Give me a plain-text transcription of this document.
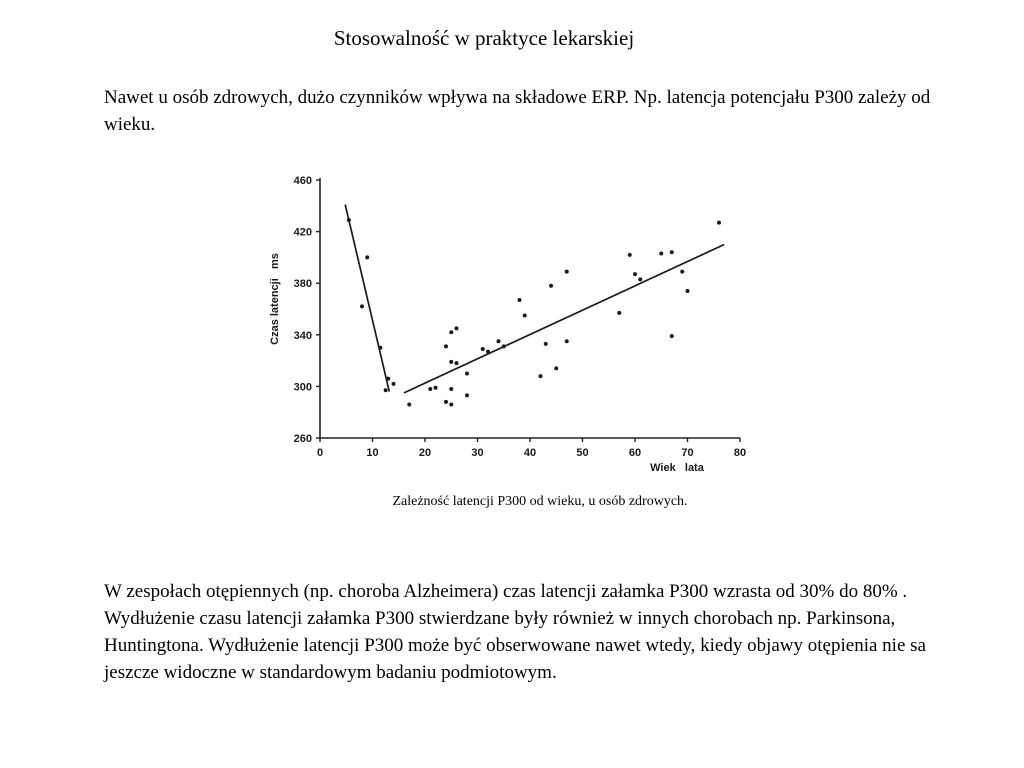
Stosowalność w praktyce lekarskiej

Nawet u osób zdrowych, dużo czynników wpływa na składowe ERP. Np. latencja potencjału P300 zależy od wieku.

0	10	20	30	40	50	60	70	80
260
300
340
380
420
460
Wiek   lata
Czas latencji   ms
Zależność latencji P300 od wieku, u osób zdrowych.

W zespołach otępiennych (np. choroba Alzheimera) czas latencji załamka P300 wzrasta od 30% do 80% . Wydłużenie czasu latencji załamka P300 stwierdzane były również w innych chorobach np. Parkinsona, Huntingtona. Wydłużenie latencji P300 może być obserwowane nawet wtedy, kiedy objawy otępienia nie sa jeszcze widoczne w standardowym badaniu podmiotowym.
